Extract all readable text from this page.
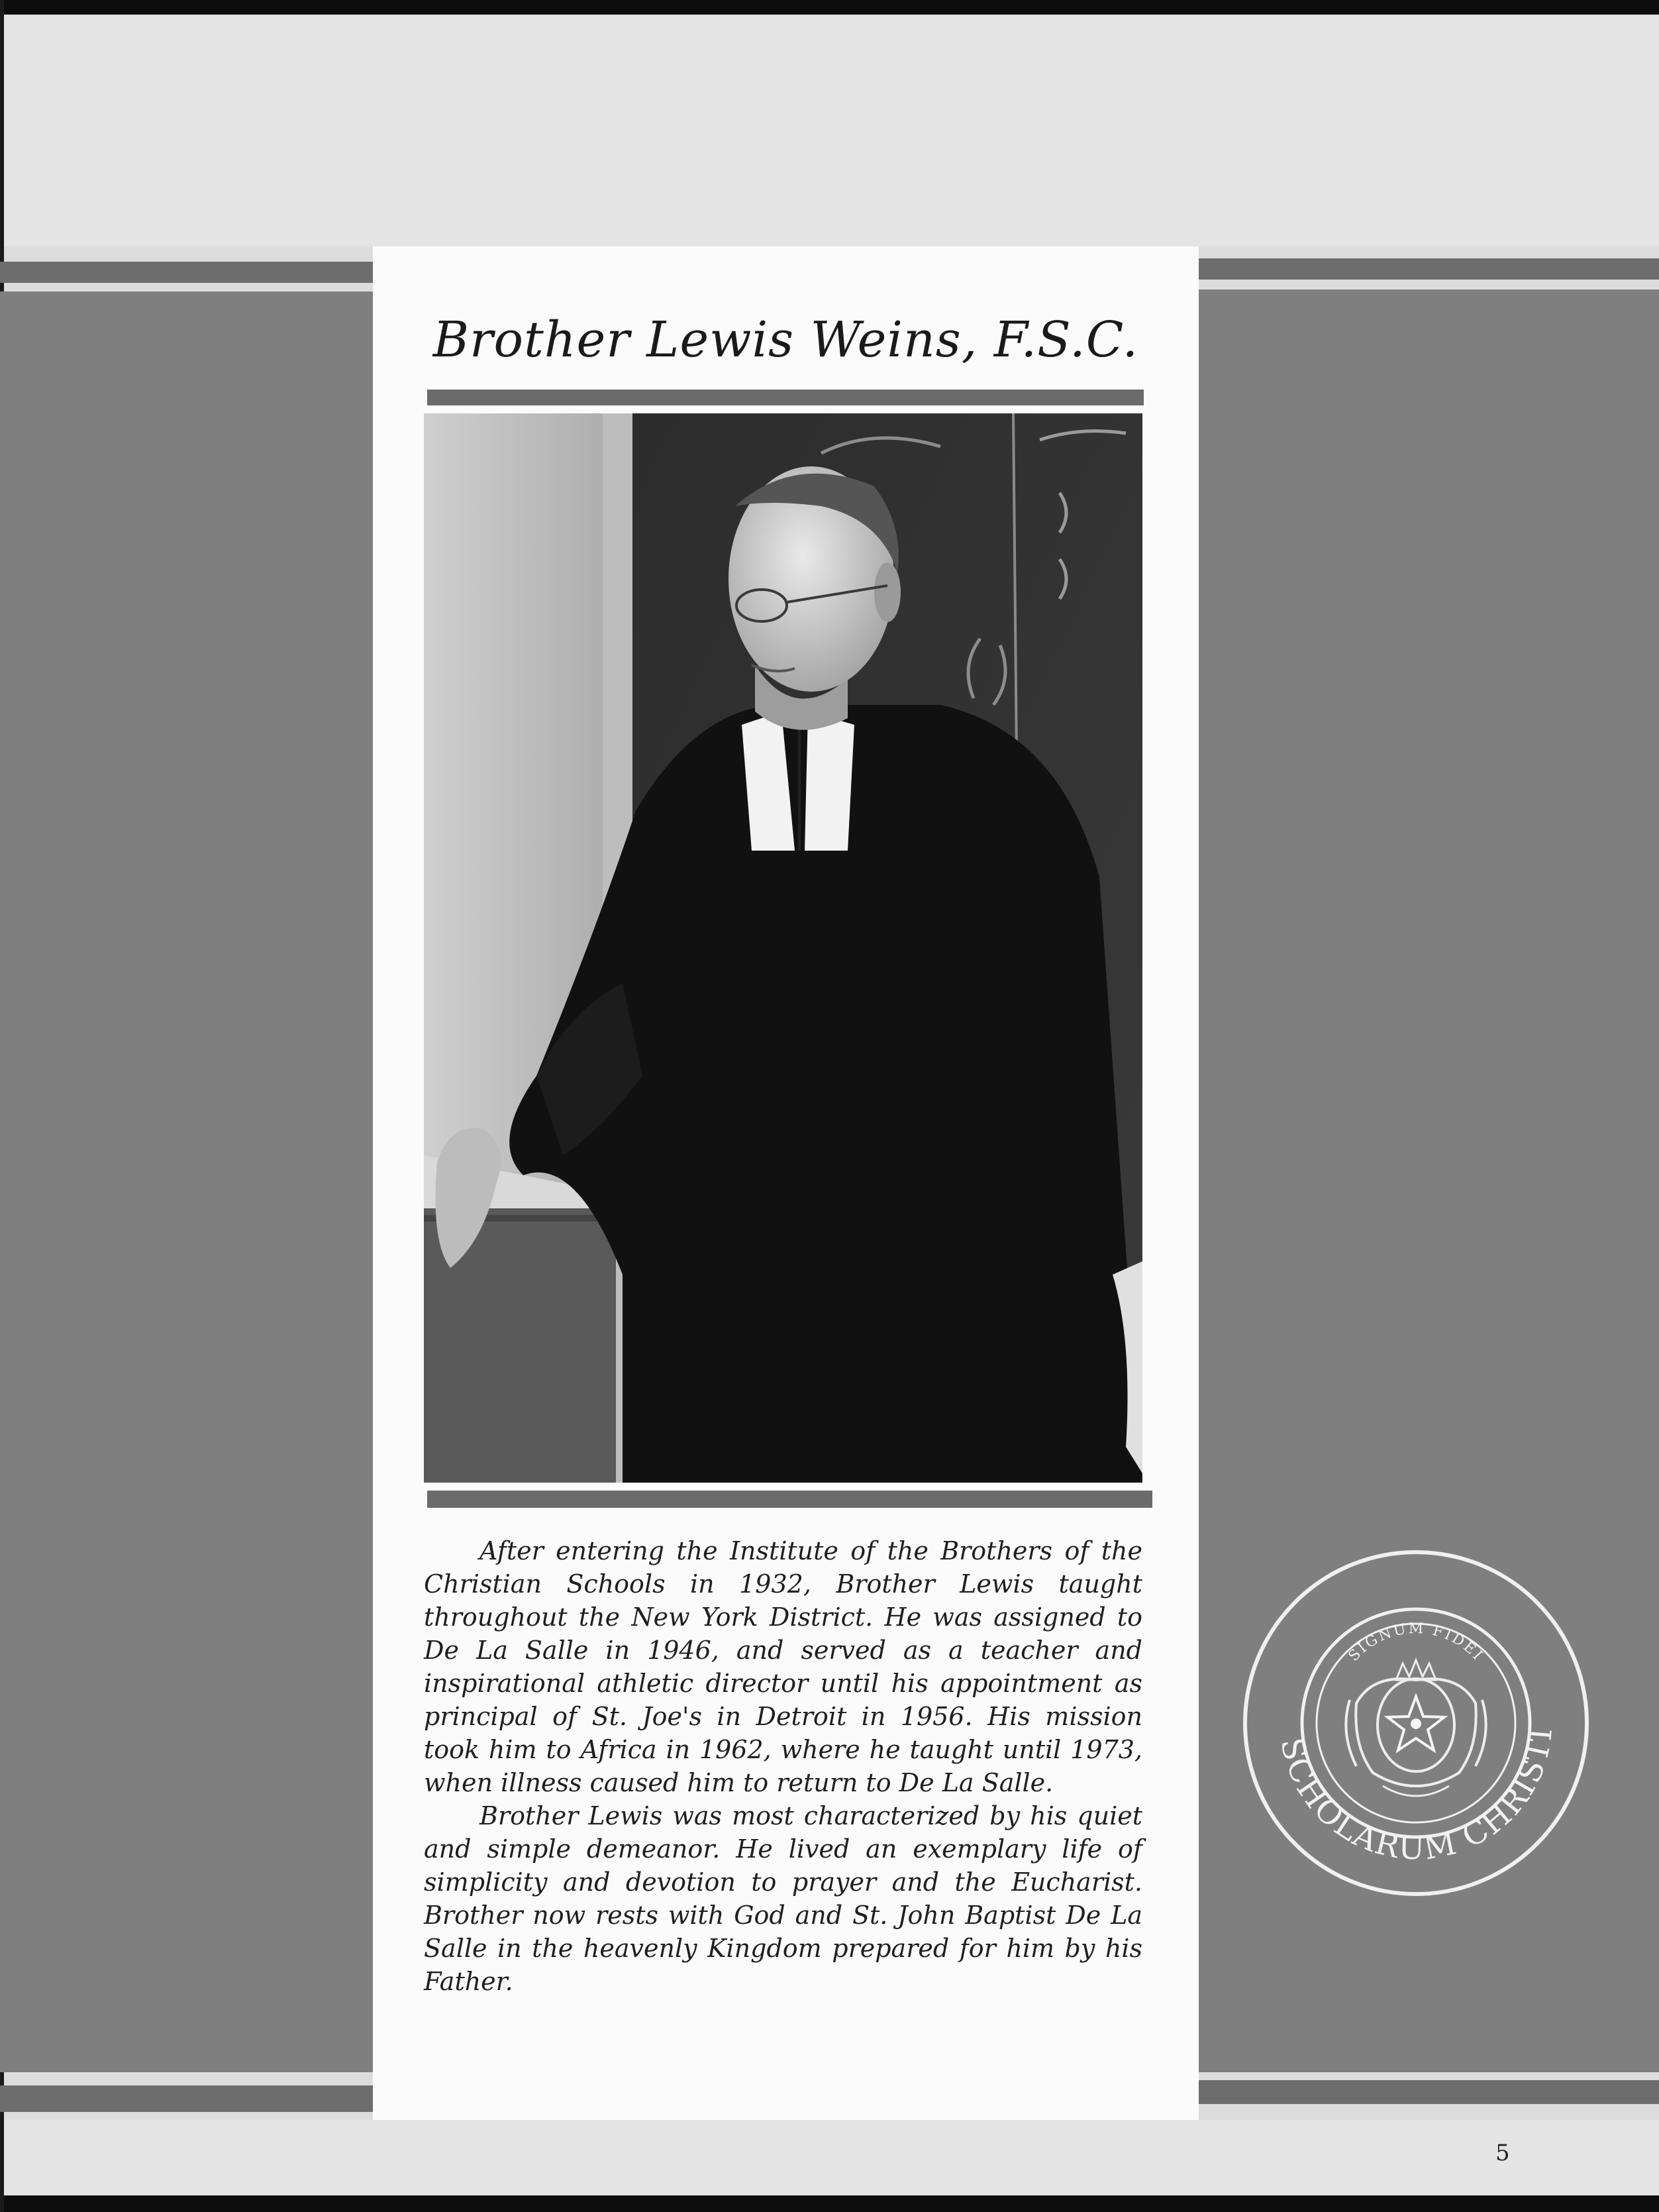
Brother Lewis Weins, F.S.C.

After entering the Institute of the Brothers of the Christian Schools in 1932, Brother Lewis taught throughout the New York District. He was assigned to De La Salle in 1946, and served as a teacher and inspirational athletic director until his appointment as principal of St. Joe's in Detroit in 1956. His mission took him to Africa in 1962, where he taught until 1973, when illness caused him to return to De La Salle.

Brother Lewis was most characterized by his quiet and simple demeanor. He lived an exemplary life of simplicity and devotion to prayer and the Eucharist. Brother now rests with God and St. John Baptist De La Salle in the heavenly Kingdom prepared for him by his Father.

SCHOLARUM CHRISTI
SIGNUM FIDEI
5
